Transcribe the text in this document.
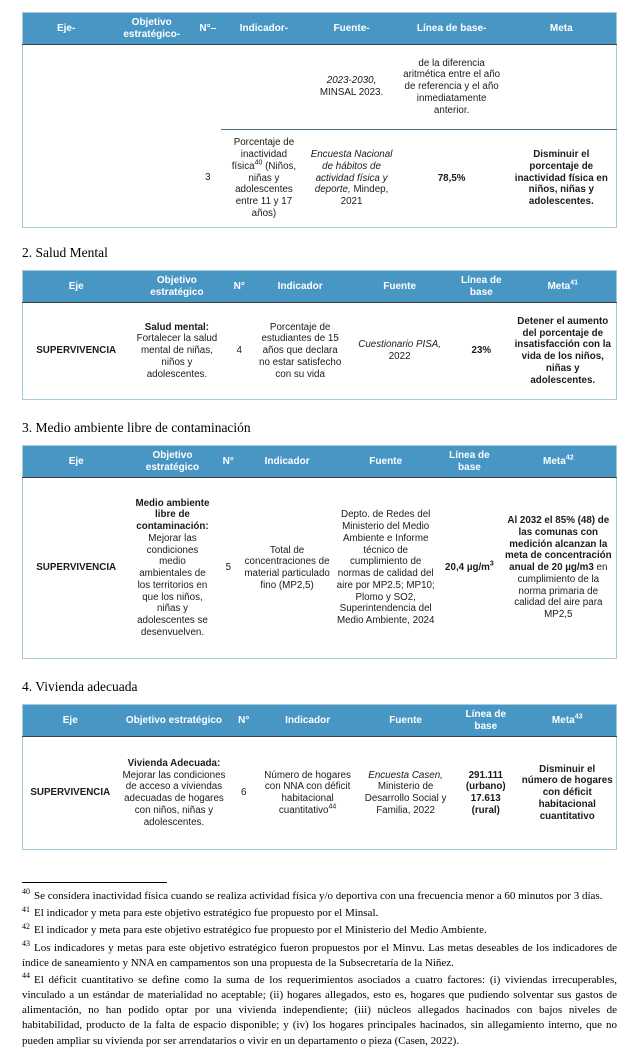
Eje-	Objetivo estratégico-	N°–	Indicador-	Fuente-	Línea de base-	Meta
				2023-2030, MINSAL 2023.	de la diferencia aritmética entre el año de referencia y el año inmediatamente anterior.	
		3	Porcentaje de inactividad física$^{40}$ (Niños, niñas y adolescentes entre 11 y 17 años)	Encuesta Nacional de hábitos de actividad física y deporte, Mindep, 2021	78,5%	Disminuir el porcentaje de inactividad física en niños, niñas y adolescentes.
2. Salud Mental
Eje	Objetivo estratégico	N°	Indicador	Fuente	Línea de base	Meta$^{41}$
SUPERVIVENCIA	Salud mental: Fortalecer la salud mental de niñas, niños y adolescentes.	4	Porcentaje de estudiantes de 15 años que declara no estar satisfecho con su vida	Cuestionario PISA, 2022	23%	Detener el aumento del porcentaje de insatisfacción con la vida de los niños, niñas y adolescentes.
3. Medio ambiente libre de contaminación
Eje	Objetivo estratégico	N°	Indicador	Fuente	Línea de base	Meta$^{42}$
SUPERVIVENCIA	Medio ambiente libre de contaminación: Mejorar las condiciones medio ambientales de los territorios en que los niños, niñas y adolescentes se desenvuelven.	5	Total de concentraciones de material particulado fino (MP2,5)	Depto. de Redes del Ministerio del Medio Ambiente e Informe técnico de cumplimiento de normas de calidad del aire por MP2.5; MP10; Plomo y SO2, Superintendencia del Medio Ambiente, 2024	20,4 $\mu g/m^3$	Al 2032 el 85% (48) de las comunas con medición alcanzan la meta de concentración anual de 20 µg/m3 en cumplimiento de la norma primaria de calidad del aire para MP2,5
4. Vivienda adecuada
Eje	Objetivo estratégico	N°	Indicador	Fuente	Línea de base	Meta$^{43}$
SUPERVIVENCIA	Vivienda Adecuada: Mejorar las condiciones de acceso a viviendas adecuadas de hogares con niños, niñas y adolescentes.	6	Número de hogares con NNA con déficit habitacional cuantitativo$^{44}$	Encuesta Casen, Ministerio de Desarrollo Social y Familia, 2022	291.111 (urbano) 17.613 (rural)	Disminuir el número de hogares con déficit habitacional cuantitativo

$^{40}$ Se considera inactividad física cuando se realiza actividad física y/o deportiva con una frecuencia menor a 60 minutos por 3 días.

$^{41}$ El indicador y meta para este objetivo estratégico fue propuesto por el Minsal.

$^{42}$ El indicador y meta para este objetivo estratégico fue propuesto por el Ministerio del Medio Ambiente.

$^{43}$ Los indicadores y metas para este objetivo estratégico fueron propuestos por el Minvu. Las metas deseables de los indicadores de índice de saneamiento y NNA en campamentos son una propuesta de la Subsecretaría de la Niñez.

$^{44}$ El déficit cuantitativo se define como la suma de los requerimientos asociados a cuatro factores: (i) viviendas irrecuperables, vinculado a un estándar de materialidad no aceptable; (ii) hogares allegados, esto es, hogares que pudiendo solventar sus gastos de alimentación, no han podido optar por una vivienda independiente; (iii) núcleos allegados hacinados con bajos niveles de habitabilidad, producto de la falta de espacio disponible; y (iv) los hogares principales hacinados, sin allegamiento interno, que no pueden ampliar su vivienda por ser arrendatarios o vivir en un departamento o pieza (Casen, 2022).
